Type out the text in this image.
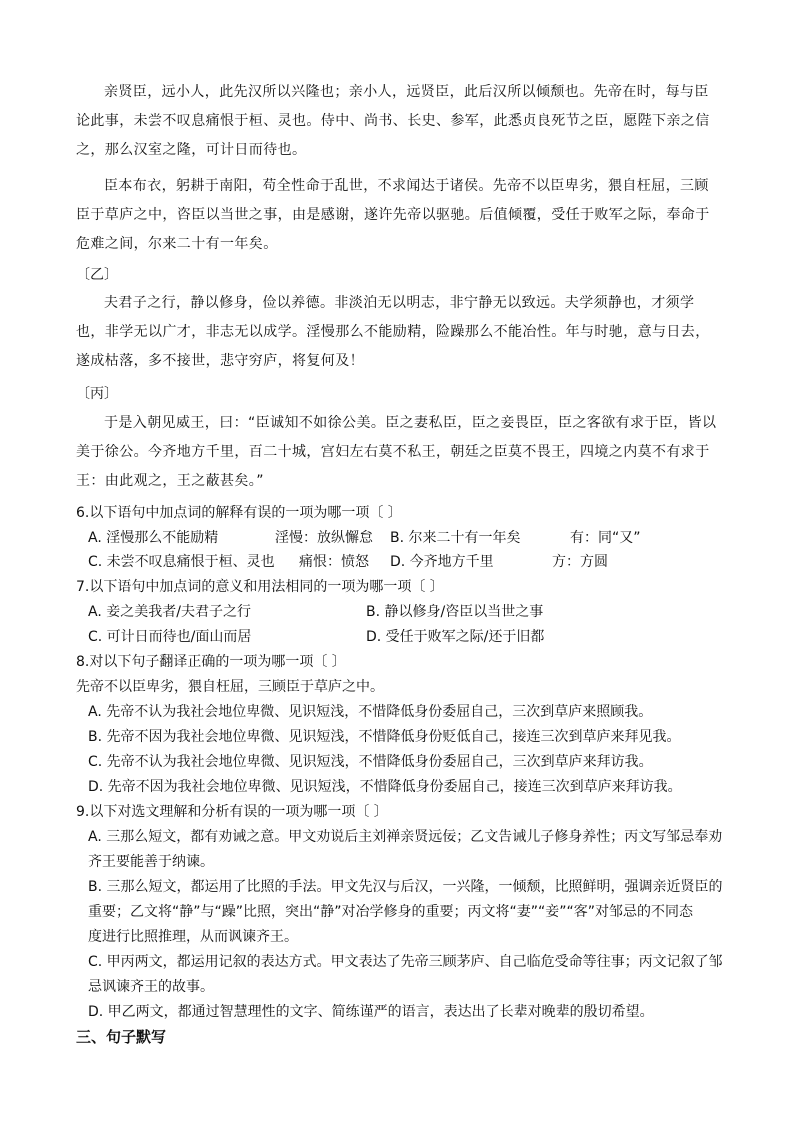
亲贤臣，远小人，此先汉所以兴隆也；亲小人，远贤臣，此后汉所以倾颓也。先帝在时，每与臣论此事，未尝不叹息痛恨于桓、灵也。侍中、尚书、长史、参军，此悉贞良死节之臣，愿陛下亲之信之，那么汉室之隆，可计日而待也。
臣本布衣，躬耕于南阳，苟全性命于乱世，不求闻达于诸侯。先帝不以臣卑劣，猥自枉屈，三顾臣于草庐之中，咨臣以当世之事，由是感谢，遂许先帝以驱驰。后值倾覆，受任于败军之际，奉命于危难之间，尔来二十有一年矣。
〔乙〕
夫君子之行，静以修身，俭以养德。非淡泊无以明志，非宁静无以致远。夫学须静也，才须学也，非学无以广才，非志无以成学。淫慢那么不能励精，险躁那么不能冶性。年与时驰，意与日去，遂成枯落，多不接世，悲守穷庐，将复何及！
〔丙〕
于是入朝见威王，曰：“臣诚知不如徐公美。臣之妻私臣，臣之妾畏臣，臣之客欲有求于臣，皆以美于徐公。今齐地方千里，百二十城，宫妇左右莫不私王，朝廷之臣莫不畏王，四境之内莫不有求于王：由此观之，王之蔽甚矣。”
6.以下语句中加点词的解释有误的一项为哪一项〔 〕
A. 淫慢那么不能励精	淫慢：放纵懈怠 B. 尔来二十有一年矣	有：同“又”
C. 未尝不叹息痛恨于桓、灵也 痛恨：愤怒 D. 今齐地方千里	方：方圆
7.以下语句中加点词的意义和用法相同的一项为哪一项〔 〕
A. 妾之美我者/夫君子之行	B. 静以修身/咨臣以当世之事
C. 可计日而待也/面山而居	D. 受任于败军之际/还于旧都
8.对以下句子翻译正确的一项为哪一项〔 〕
先帝不以臣卑劣，猥自枉屈，三顾臣于草庐之中。
A. 先帝不认为我社会地位卑微、见识短浅，不惜降低身份委屈自己，三次到草庐来照顾我。
B. 先帝不因为我社会地位卑微、见识短浅，不惜降低身份贬低自己，接连三次到草庐来拜见我。
C. 先帝不认为我社会地位卑微、见识短浅，不惜降低身份委屈自己，三次到草庐来拜访我。
D. 先帝不因为我社会地位卑微、见识短浅，不惜降低身份委屈自己，接连三次到草庐来拜访我。
9.以下对选文理解和分析有误的一项为哪一项〔 〕
A. 三那么短文，都有劝诫之意。甲文劝说后主刘禅亲贤远佞；乙文告诫儿子修身养性；丙文写邹忌奉劝
齐王要能善于纳谏。
B. 三那么短文，都运用了比照的手法。甲文先汉与后汉，一兴隆，一倾颓，比照鲜明，强调亲近贤臣的
重要；乙文将“静”与“躁”比照，突出“静”对冶学修身的重要；丙文将“妻”“妾”“客”对邹忌的不同态
度进行比照推理，从而讽谏齐王。
C. 甲丙两文，都运用记叙的表达方式。甲文表达了先帝三顾茅庐、自己临危受命等往事；丙文记叙了邹
忌讽谏齐王的故事。
D. 甲乙两文，都通过智慧理性的文字、简练谨严的语言，表达出了长辈对晚辈的殷切希望。
三、句子默写
